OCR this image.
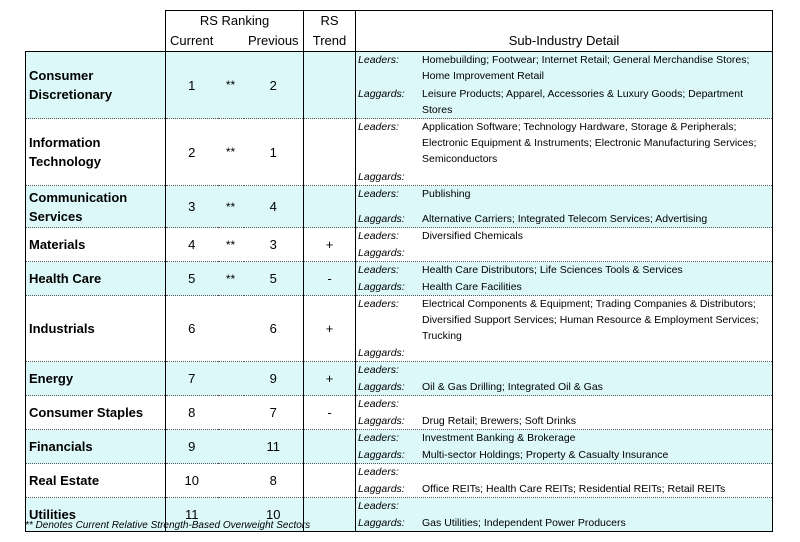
	RS Ranking			RS	
	Current		Previous	Trend	Sub-Industry Detail
Consumer Discretionary	1	**	2		Leaders: Homebuilding; Footwear; Internet Retail; General Merchandise Stores; Home Improvement Retail
Laggards: Leisure Products; Apparel, Accessories & Luxury Goods; Department Stores

Information Technology	2	**	1		Leaders: Application Software; Technology Hardware, Storage & Peripherals; Electronic Equipment & Instruments; Electronic Manufacturing Services; Semiconductors
Laggards:

Communication Services	3	**	4		Leaders: Publishing
Laggards: Alternative Carriers; Integrated Telecom Services; Advertising

Materials	4	**	3	+	Leaders: Diversified Chemicals
Laggards:

Health Care	5	**	5	-	Leaders: Health Care Distributors; Life Sciences Tools & Services
Laggards: Health Care Facilities

Industrials	6		6	+	Leaders: Electrical Components & Equipment; Trading Companies & Distributors; Diversified Support Services; Human Resource & Employment Services; Trucking
Laggards:

Energy	7		9	+	Leaders:
Laggards: Oil & Gas Drilling; Integrated Oil & Gas

Consumer Staples	8		7	-	Leaders:
Laggards: Drug Retail; Brewers; Soft Drinks

Financials	9		11		Leaders: Investment Banking & Brokerage
Laggards: Multi-sector Holdings; Property & Casualty Insurance

Real Estate	10		8		Leaders:
Laggards: Office REITs; Health Care REITs; Residential REITs; Retail REITs

Utilities	11		10		Leaders:
Laggards: Gas Utilities; Independent Power Producers
** Denotes Current Relative Strength-Based Overweight Sectors
